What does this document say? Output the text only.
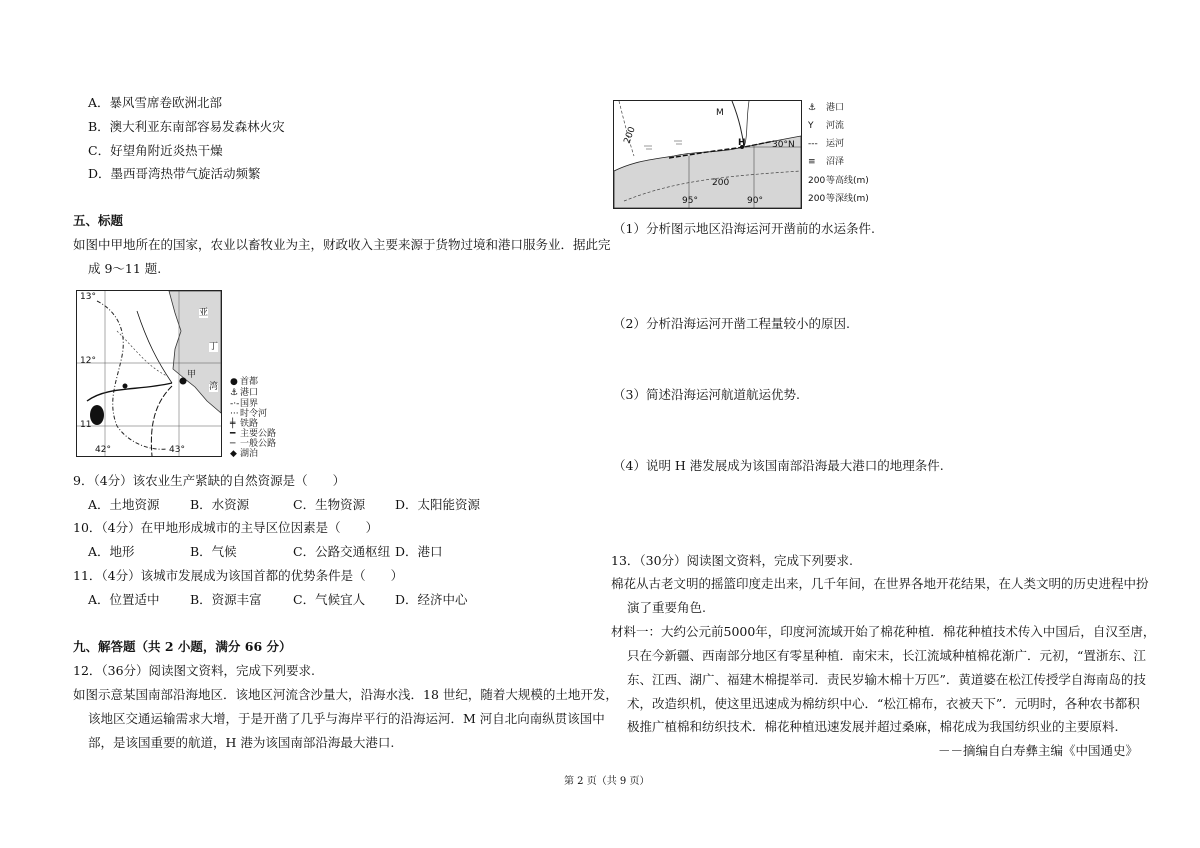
A．暴风雪席卷欧洲北部
B．澳大利亚东南部容易发森林火灾
C．好望角附近炎热干燥
D．墨西哥湾热带气旋活动频繁
五、标题
如图中甲地所在的国家，农业以畜牧业为主，财政收入主要来源于货物过境和港口服务业．据此完
成 9～11 题.
13°
12°
11°
42°	43°
亚
丁
甲
湾 ● 首都
⚓ 港口
-·-国界
···时令河
╪ 铁路
━ 主要公路
─ 一般公路
◆ 湖泊
9．（4分）该农业生产紧缺的自然资源是（　　）
A．土地资源 B．水资源	C．生物资源 D．太阳能资源
10．（4分）在甲地形成城市的主导区位因素是（　　）
A．地形	B．气候	C．公路交通枢纽 D．港口
11．（4分）该城市发展成为该国首都的优势条件是（　　）
A．位置适中 B．资源丰富	C．气候宜人 D．经济中心
九、解答题（共 2 小题，满分 66 分）
12．（36分）阅读图文资料，完成下列要求.
如图示意某国南部沿海地区．该地区河流含沙量大，沿海水浅．18 世纪，随着大规模的土地开发，
该地区交通运输需求大增，于是开凿了几乎与海岸平行的沿海运河．M 河自北向南纵贯该国中
部，是该国重要的航道，H 港为该国南部沿海最大港口.
M
H	30°N
200
200
95°	90°
⚓ 港口
Y 河流
--- 运河
≡ 沼泽
200等高线(m)
200等深线(m)
（1）分析图示地区沿海运河开凿前的水运条件.
（2）分析沿海运河开凿工程量较小的原因.
（3）简述沿海运河航道航运优势.
（4）说明 H 港发展成为该国南部沿海最大港口的地理条件.
13．（30分）阅读图文资料，完成下列要求.
棉花从古老文明的摇篮印度走出来，几千年间，在世界各地开花结果，在人类文明的历史进程中扮
演了重要角色.
材料一：大约公元前5000年，印度河流域开始了棉花种植．棉花种植技术传入中国后，自汉至唐，
只在今新疆、西南部分地区有零星种植．南宋末，长江流域种植棉花渐广．元初，“置浙东、江
东、江西、湖广、福建木棉提举司．责民岁输木棉十万匹”．黄道婆在松江传授学自海南岛的技
术，改造织机，使这里迅速成为棉纺织中心．“松江棉布，衣被天下”．元明时，各种农书都积
极推广植棉和纺织技术．棉花种植迅速发展并超过桑麻，棉花成为我国纺织业的主要原料.
－－摘编自白寿彝主编《中国通史》
第 2 页（共 9 页）
